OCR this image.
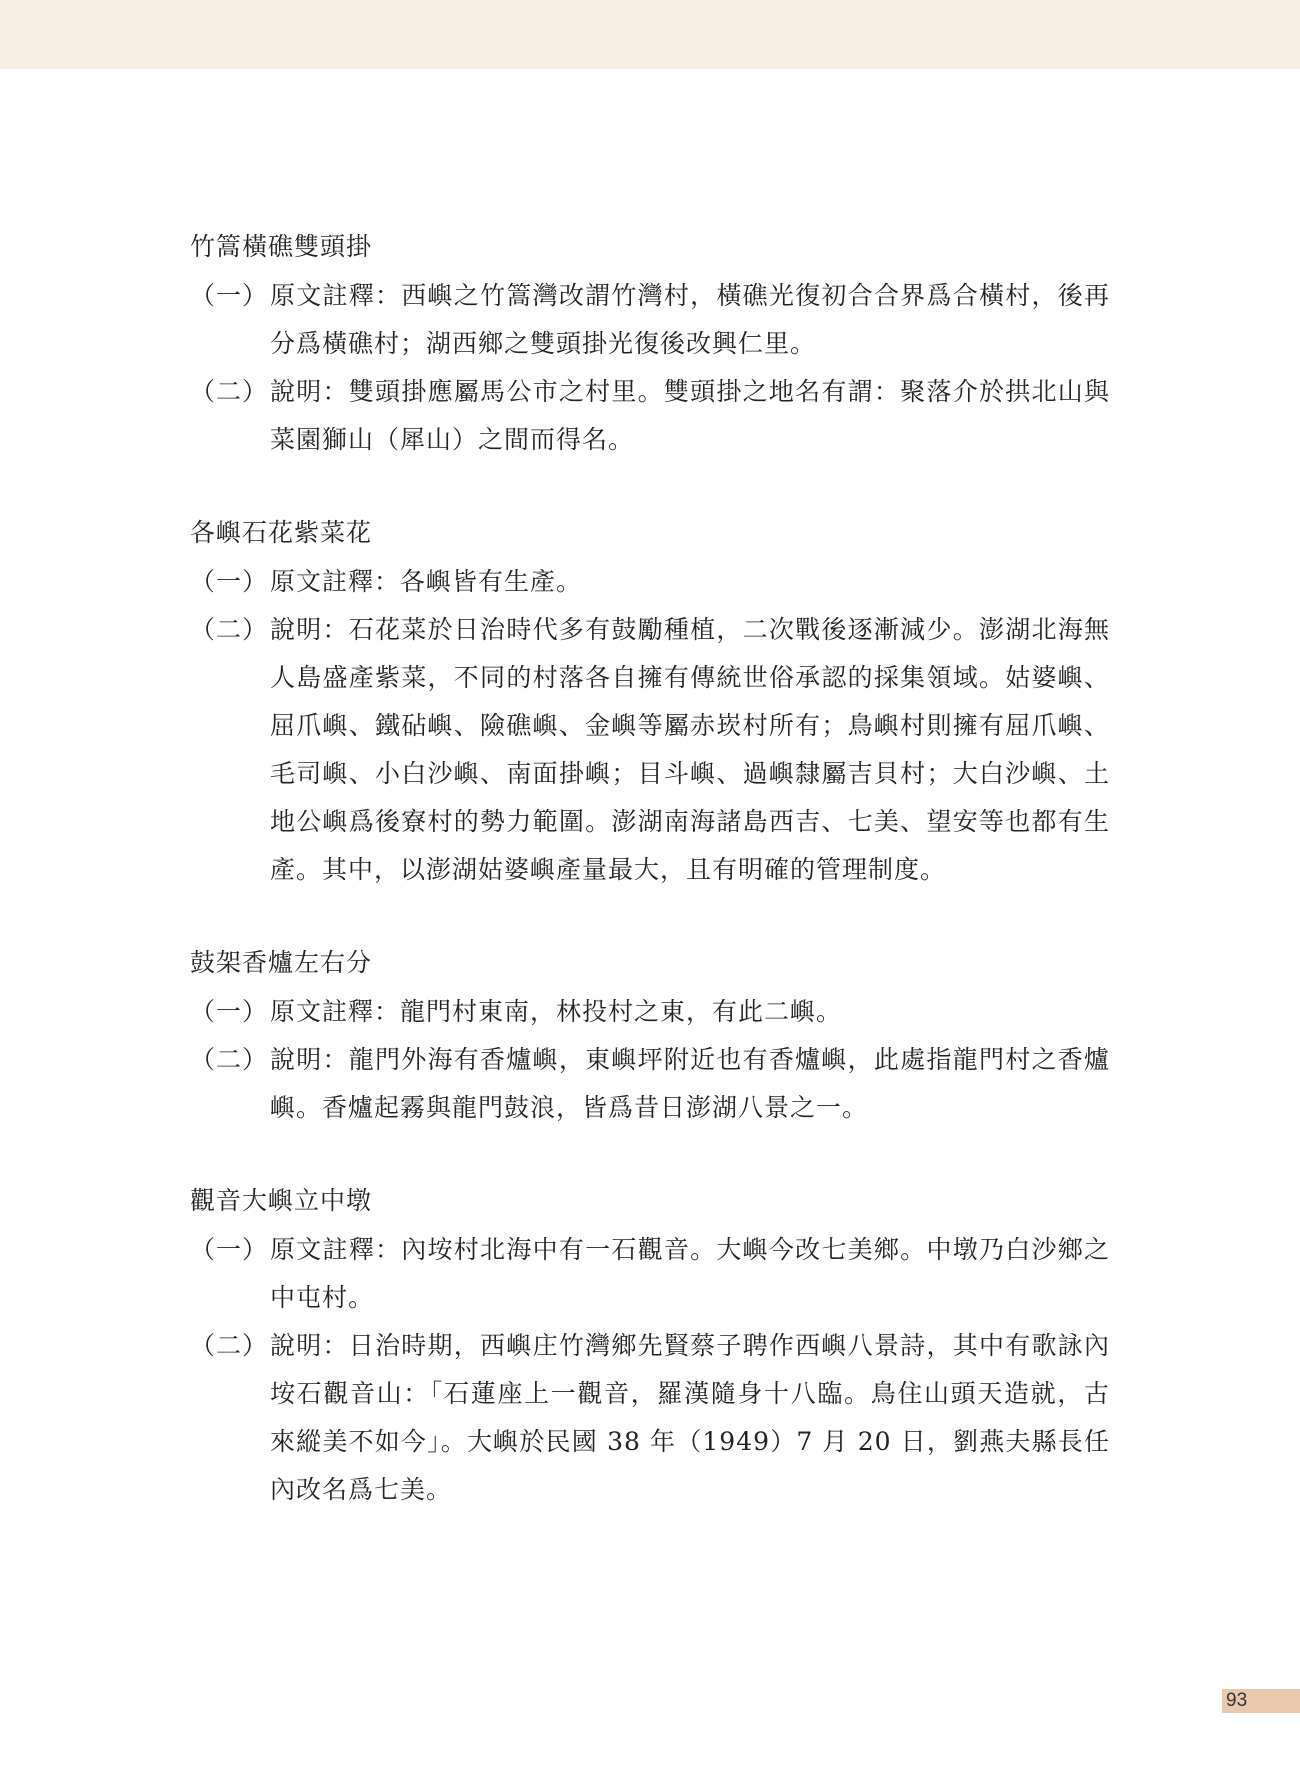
竹篙橫礁雙頭掛
（一） 原文註釋：西嶼之竹篙灣改謂竹灣村，橫礁光復初合合界爲合橫村，後再分爲橫礁村；湖西鄉之雙頭掛光復後改興仁里。
（二） 說明：雙頭掛應屬馬公市之村里。雙頭掛之地名有謂：聚落介於拱北山與菜園獅山（犀山）之間而得名。
各嶼石花紫菜花
（一） 原文註釋：各嶼皆有生產。
（二） 說明：石花菜於日治時代多有鼓勵種植，二次戰後逐漸減少。澎湖北海無人島盛產紫菜，不同的村落各自擁有傳統世俗承認的採集領域。姑婆嶼、屈爪嶼、鐵砧嶼、險礁嶼、金嶼等屬赤崁村所有；鳥嶼村則擁有屈爪嶼、毛司嶼、小白沙嶼、南面掛嶼；目斗嶼、過嶼隸屬吉貝村；大白沙嶼、土地公嶼爲後寮村的勢力範圍。澎湖南海諸島西吉、七美、望安等也都有生產。其中，以澎湖姑婆嶼產量最大，且有明確的管理制度。
鼓架香爐左右分
（一） 原文註釋：龍門村東南，林投村之東，有此二嶼。
（二） 說明：龍門外海有香爐嶼，東嶼坪附近也有香爐嶼，此處指龍門村之香爐嶼。香爐起霧與龍門鼓浪，皆爲昔日澎湖八景之一。
觀音大嶼立中墩
（一） 原文註釋：內垵村北海中有一石觀音。大嶼今改七美鄉。中墩乃白沙鄉之中屯村。
（二） 說明：日治時期，西嶼庄竹灣鄉先賢蔡子聘作西嶼八景詩，其中有歌詠內垵石觀音山：「石蓮座上一觀音，羅漢隨身十八臨。鳥住山頭天造就，古來縱美不如今」。大嶼於民國 38 年（1949）7 月 20 日，劉燕夫縣長任內改名爲七美。
93
